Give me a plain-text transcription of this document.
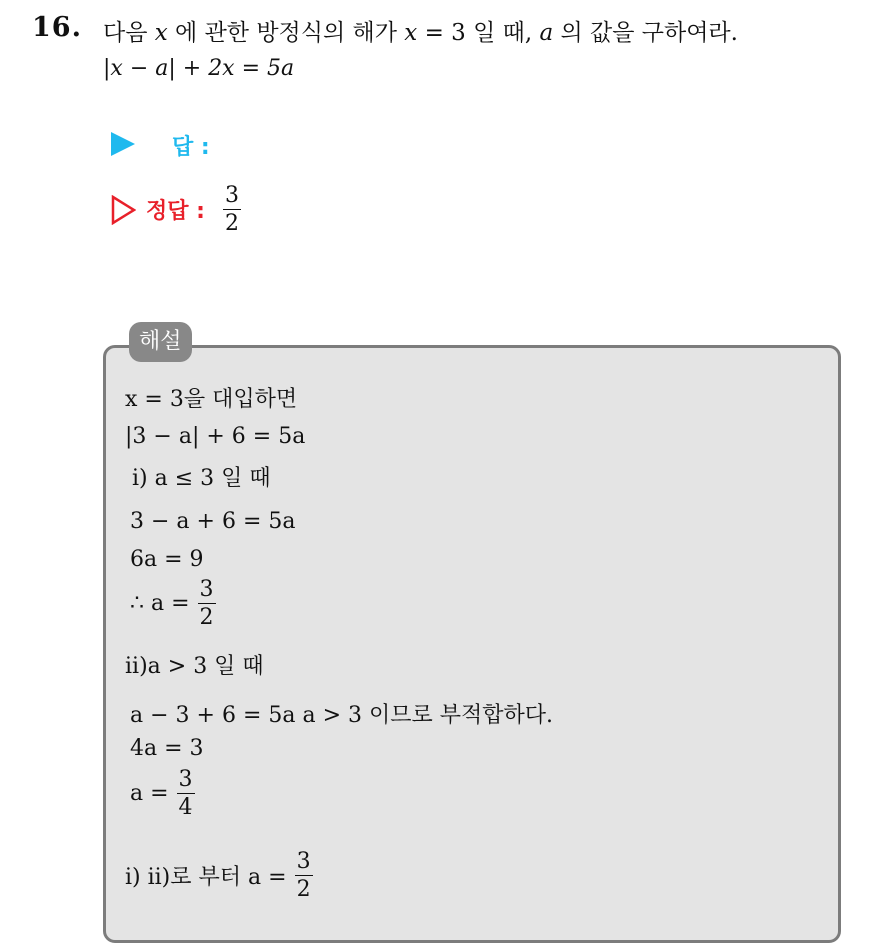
16. 다음 x 에 관한 방정식의 해가 x = 3 일 때, a 의 값을 구하여라.
|x − a| + 2x = 5a
답 :
정답 : $\frac{3}{2}$
해설
x = 3을 대입하면
|3 − a| + 6 = 5a
i) a ≤ 3 일 때
3 − a + 6 = 5a
6a = 9
∴ $a = \frac{3}{2}$
ii)a > 3 일 때
a − 3 + 6 = 5a a > 3 이므로 부적합하다.
4a = 3
$a = \frac{3}{4}$
i) ii)로 부터 $a = \frac{3}{2}$
